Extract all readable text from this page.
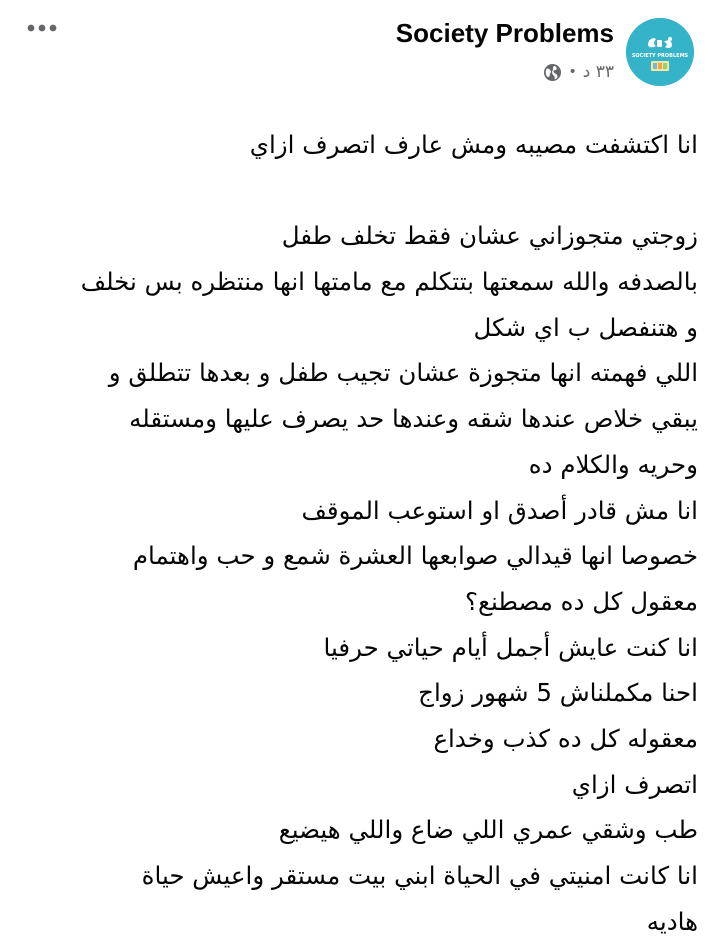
Society Problems
• ٣٣ د
SOCIETY PROBLEMS
انا اكتشفت مصيبه ومش عارف اتصرف ازاي
زوجتي متجوزاني عشان فقط تخلف طفل
بالصدفه والله سمعتها بتتكلم مع مامتها انها منتظره بس نخلف
و هتنفصل ب اي شكل
اللي فهمته انها متجوزة عشان تجيب طفل و بعدها تتطلق و
يبقي خلاص عندها شقه وعندها حد يصرف عليها ومستقله
وحريه والكلام ده
انا مش قادر أصدق او استوعب الموقف
خصوصا انها قيدالي صوابعها العشرة شمع و حب واهتمام
معقول كل ده مصطنع؟
انا كنت عايش أجمل أيام حياتي حرفيا
احنا مكملناش 5 شهور زواج
معقوله كل ده كذب وخداع
اتصرف ازاي
طب وشقي عمري اللي ضاع واللي هيضيع
انا كانت امنيتي في الحياة ابني بيت مستقر واعيش حياة
هاديه
